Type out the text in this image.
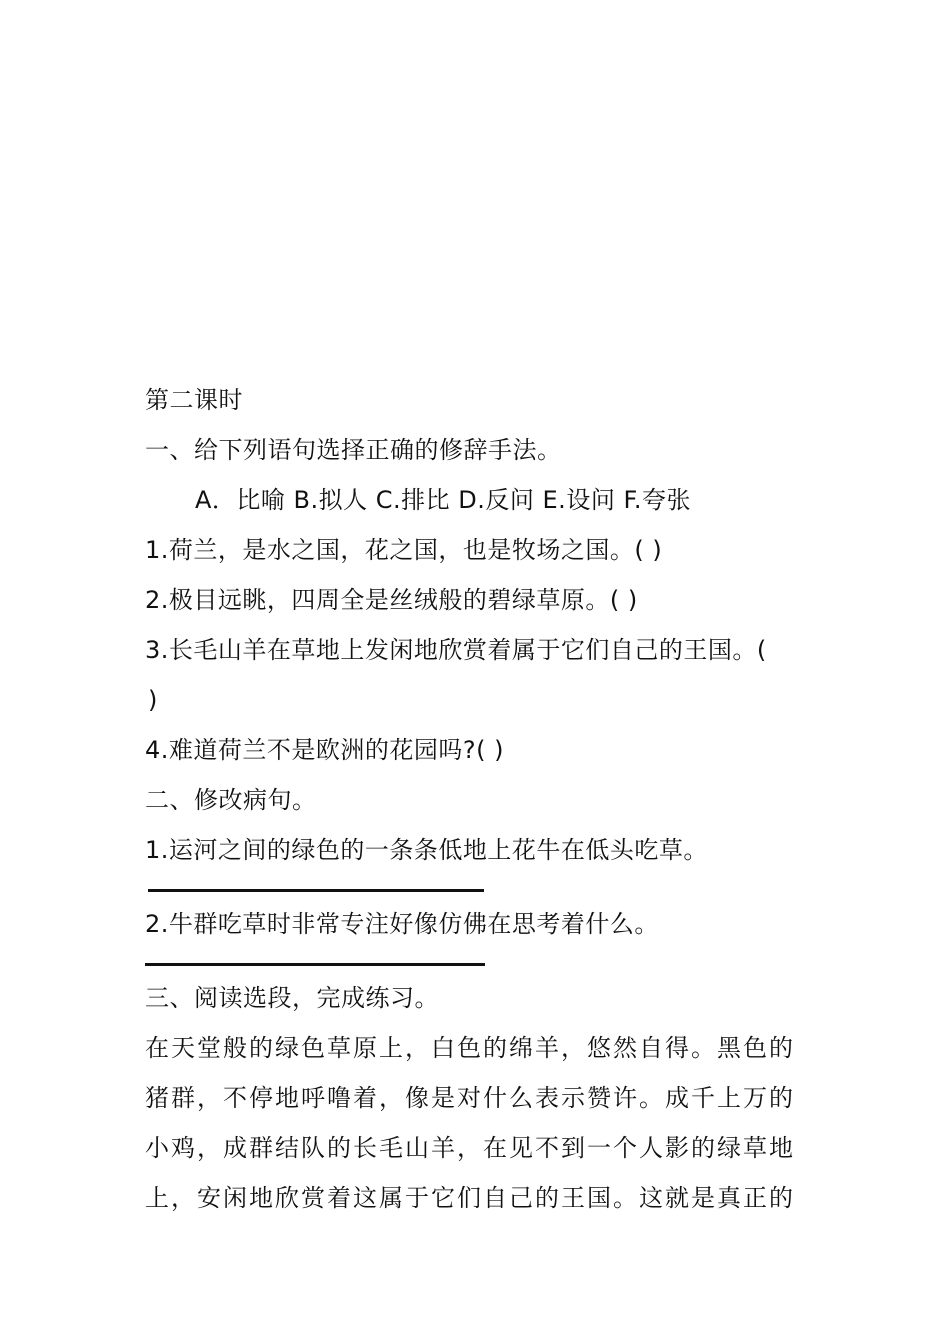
第二课时
一、给下列语句选择正确的修辞手法。
A．比喻 B.拟人 C.排比 D.反问 E.设问 F.夸张
1.荷兰，是水之国，花之国，也是牧场之国。( )
2.极目远眺，四周全是丝绒般的碧绿草原。( )
3.长毛山羊在草地上发闲地欣赏着属于它们自己的王国。(
)
4.难道荷兰不是欧洲的花园吗?( )
二、修改病句。
1.运河之间的绿色的一条条低地上花牛在低头吃草。
2.牛群吃草时非常专注好像仿佛在思考着什么。
三、阅读选段，完成练习。
在天堂般的绿色草原上，白色的绵羊，悠然自得。黑色的
猪群，不停地呼噜着，像是对什么表示赞许。成千上万的
小鸡，成群结队的长毛山羊，在见不到一个人影的绿草地
上，安闲地欣赏着这属于它们自己的王国。这就是真正的
